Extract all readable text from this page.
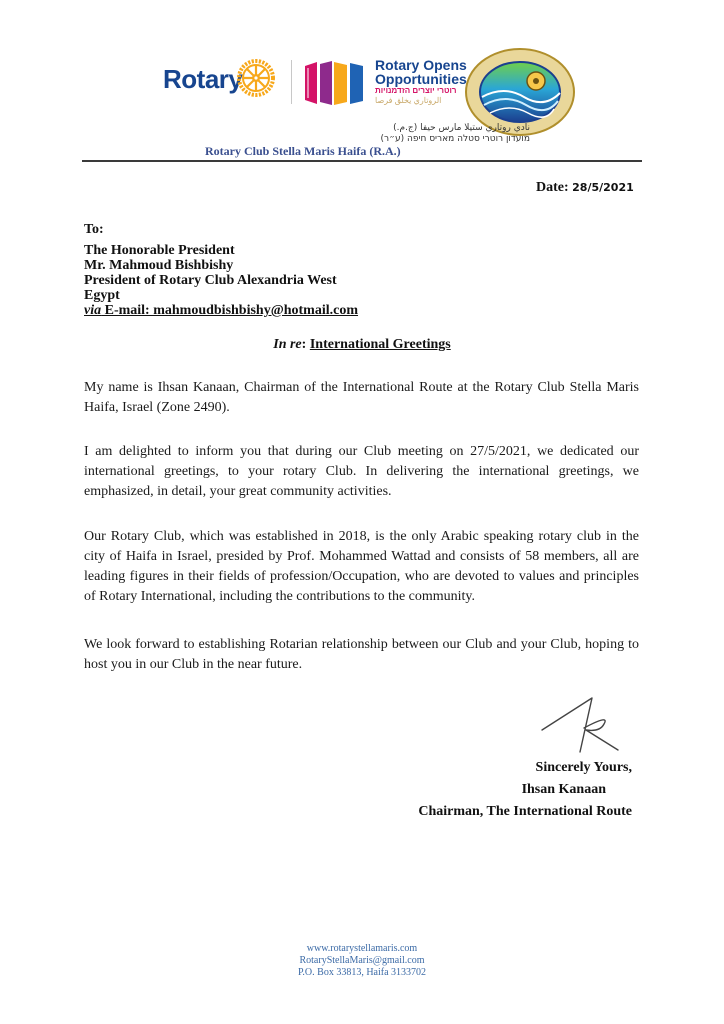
Rotary	Rotary Opens
Opportunities
רוטרי יוצרים הזדמנויות
الروتاري يخلق فرصا
نادي روتاري ستيلا مارس حيفا (ج.م.)
מועדון רוטרי סטלה מאריס חיפה (ע״ר)
Rotary Club Stella Maris Haifa (R.A.)
Date: 28/5/2021
To:
The Honorable President
Mr. Mahmoud Bishbishy
President of Rotary Club Alexandria West
Egypt
via E-mail: mahmoudbishbishy@hotmail.com
In re: International Greetings
My name is Ihsan Kanaan, Chairman of the International Route at the Rotary Club Stella Maris Haifa, Israel (Zone 2490).
I am delighted to inform you that during our Club meeting on 27/5/2021, we dedicated our international greetings, to your rotary Club. In delivering the international greetings, we emphasized, in detail, your great community activities.
Our Rotary Club, which was established in 2018, is the only Arabic speaking rotary club in the city of Haifa in Israel, presided by Prof. Mohammed Wattad and consists of 58 members, all are leading figures in their fields of profession/Occupation, who are devoted to values and principles of Rotary International, including the contributions to the community.
We look forward to establishing Rotarian relationship between our Club and your Club, hoping to host you in our Club in the near future.
Sincerely Yours,
Ihsan Kanaan
Chairman, The International Route
www.rotarystellamaris.com
RotaryStellaMaris@gmail.com
P.O. Box 33813, Haifa 3133702
